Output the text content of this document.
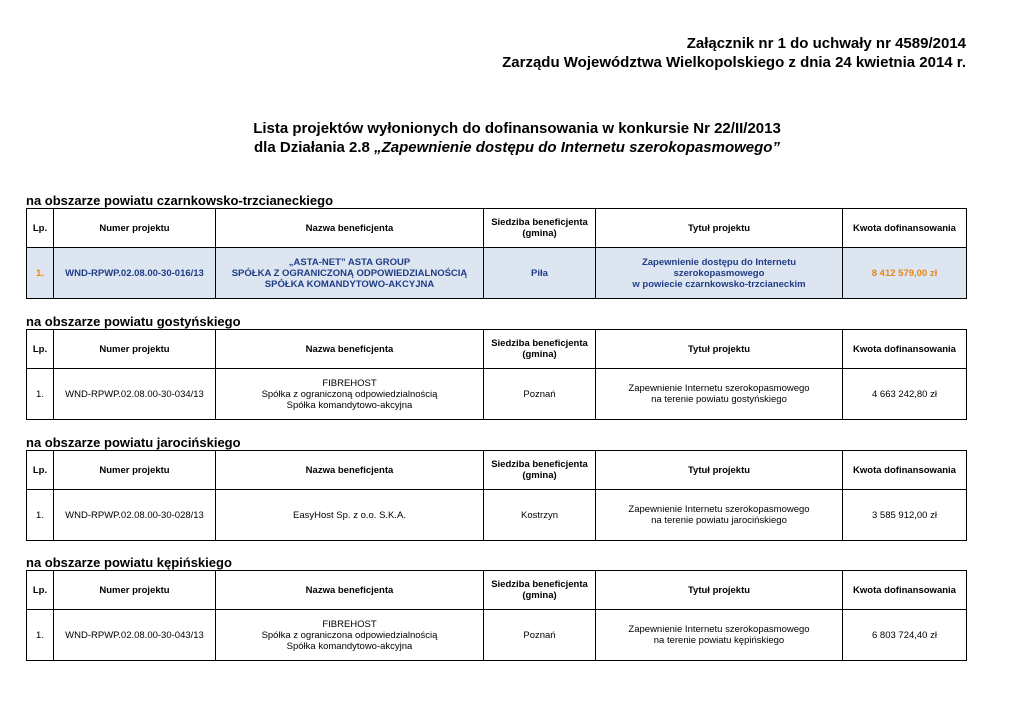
Załącznik nr 1 do uchwały nr 4589/2014
Zarządu Województwa Wielkopolskiego z dnia 24 kwietnia 2014 r.
Lista projektów wyłonionych do dofinansowania w konkursie Nr 22/II/2013
dla Działania 2.8 „Zapewnienie dostępu do Internetu szerokopasmowego”
na obszarze powiatu czarnkowsko-trzcianeckiego
Lp.	Numer projektu	Nazwa beneficjenta	Siedziba beneficjenta
(gmina)	Tytuł projektu	Kwota dofinansowania
1.	WND-RPWP.02.08.00-30-016/13	„ASTA-NET” ASTA GROUP
SPÓŁKA Z OGRANICZONĄ ODPOWIEDZIALNOŚCIĄ
SPÓŁKA KOMANDYTOWO-AKCYJNA	Piła	Zapewnienie dostępu do Internetu
szerokopasmowego
w powiecie czarnkowsko-trzcianeckim	8 412 579,00 zł
na obszarze powiatu gostyńskiego
Lp.	Numer projektu	Nazwa beneficjenta	Siedziba beneficjenta
(gmina)	Tytuł projektu	Kwota dofinansowania
1.	WND-RPWP.02.08.00-30-034/13	FIBREHOST
Spółka z ograniczoną odpowiedzialnością
Spółka komandytowo-akcyjna	Poznań	Zapewnienie Internetu szerokopasmowego
na terenie powiatu gostyńskiego	4 663 242,80 zł
na obszarze powiatu jarocińskiego
Lp.	Numer projektu	Nazwa beneficjenta	Siedziba beneficjenta
(gmina)	Tytuł projektu	Kwota dofinansowania
1.	WND-RPWP.02.08.00-30-028/13	EasyHost Sp. z o.o. S.K.A.	Kostrzyn	Zapewnienie Internetu szerokopasmowego
na terenie powiatu jarocińskiego	3 585 912,00 zł
na obszarze powiatu kępińskiego
Lp.	Numer projektu	Nazwa beneficjenta	Siedziba beneficjenta
(gmina)	Tytuł projektu	Kwota dofinansowania
1.	WND-RPWP.02.08.00-30-043/13	FIBREHOST
Spółka z ograniczona odpowiedzialnością
Spółka komandytowo-akcyjna	Poznań	Zapewnienie Internetu szerokopasmowego
na terenie powiatu kępińskiego	6 803 724,40 zł
